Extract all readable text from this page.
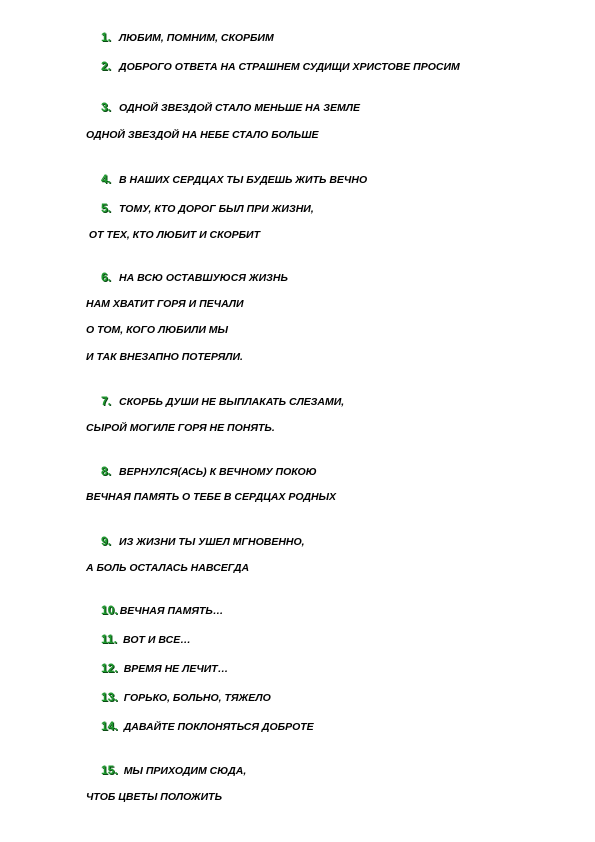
1. ЛЮБИМ, ПОМНИМ, СКОРБИМ
2. ДОБРОГО ОТВЕТА НА СТРАШНЕМ СУДИЩИ ХРИСТОВЕ ПРОСИМ
3. ОДНОЙ ЗВЕЗДОЙ СТАЛО МЕНЬШЕ НА ЗЕМЛЕ
ОДНОЙ ЗВЕЗДОЙ НА НЕБЕ СТАЛО БОЛЬШЕ
4. В НАШИХ СЕРДЦАХ ТЫ БУДЕШЬ ЖИТЬ ВЕЧНО
5. ТОМУ, КТО ДОРОГ БЫЛ ПРИ ЖИЗНИ,
ОТ ТЕХ, КТО ЛЮБИТ И СКОРБИТ
6. НА ВСЮ ОСТАВШУЮСЯ ЖИЗНЬ
НАМ ХВАТИТ ГОРЯ И ПЕЧАЛИ
О ТОМ, КОГО ЛЮБИЛИ МЫ
И ТАК ВНЕЗАПНО ПОТЕРЯЛИ.
7. СКОРБЬ ДУШИ НЕ ВЫПЛАКАТЬ СЛЕЗАМИ,
СЫРОЙ МОГИЛЕ ГОРЯ НЕ ПОНЯТЬ.
8. ВЕРНУЛСЯ(АСЬ) К ВЕЧНОМУ ПОКОЮ
ВЕЧНАЯ ПАМЯТЬ О ТЕБЕ В СЕРДЦАХ РОДНЫХ
9. ИЗ ЖИЗНИ ТЫ УШЕЛ МГНОВЕННО,
А БОЛЬ ОСТАЛАСЬ НАВСЕГДА
10. ВЕЧНАЯ ПАМЯТЬ…
11. ВОТ И ВСЕ…
12. ВРЕМЯ НЕ ЛЕЧИТ…
13. ГОРЬКО, БОЛЬНО, ТЯЖЕЛО
14. ДАВАЙТЕ ПОКЛОНЯТЬСЯ ДОБРОТЕ
15. МЫ ПРИХОДИМ СЮДА,
ЧТОБ ЦВЕТЫ ПОЛОЖИТЬ
